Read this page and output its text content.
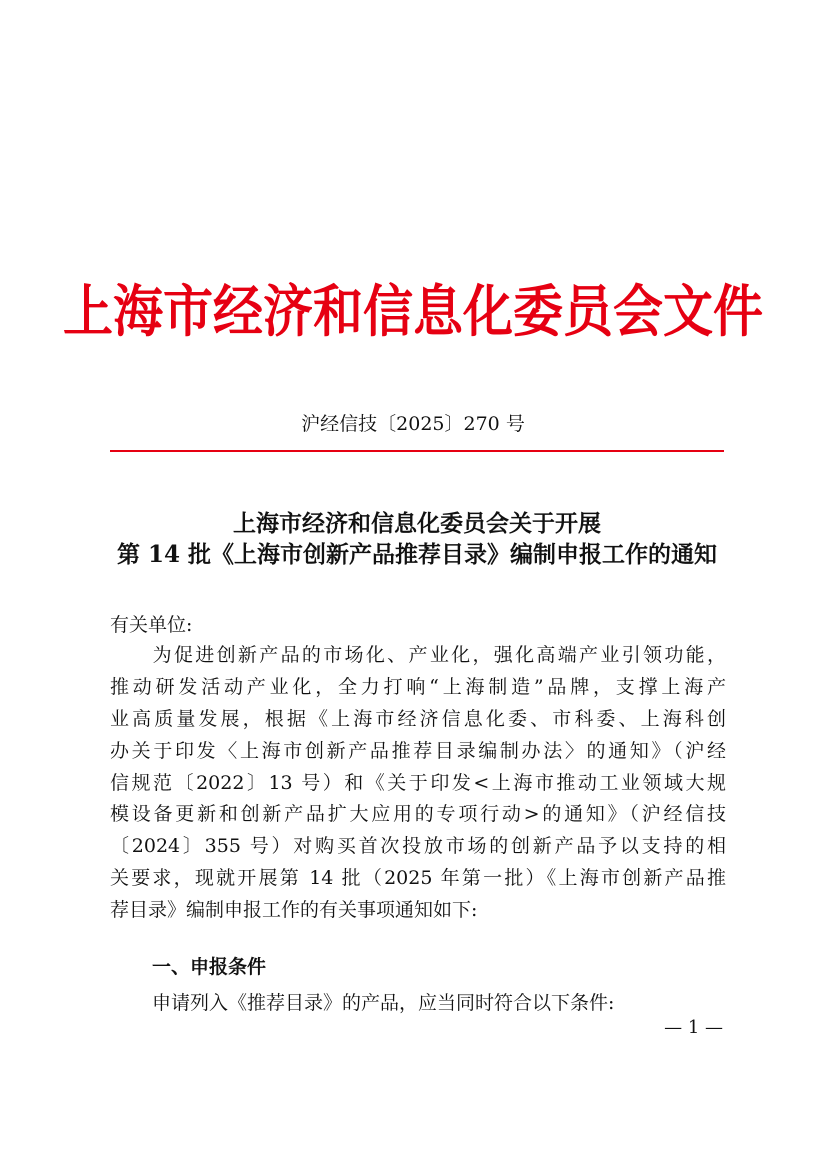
上海市经济和信息化委员会文件
沪经信技〔2025〕270 号
上海市经济和信息化委员会关于开展
第 14 批《上海市创新产品推荐目录》编制申报工作的通知
有关单位:
　　为促进创新产品的市场化、产业化，强化高端产业引领功能，
推动研发活动产业化，全力打响“上海制造”品牌，支撑上海产
业高质量发展，根据《上海市经济信息化委、市科委、上海科创
办关于印发〈上海市创新产品推荐目录编制办法〉的通知》（沪经
信规范〔2022〕13 号）和《关于印发<上海市推动工业领域大规
模设备更新和创新产品扩大应用的专项行动>的通知》（沪经信技
〔2024〕355 号）对购买首次投放市场的创新产品予以支持的相
关要求，现就开展第 14 批（2025 年第一批）《上海市创新产品推
荐目录》编制申报工作的有关事项通知如下:
一、申报条件
申请列入《推荐目录》的产品，应当同时符合以下条件:
— 1 —
